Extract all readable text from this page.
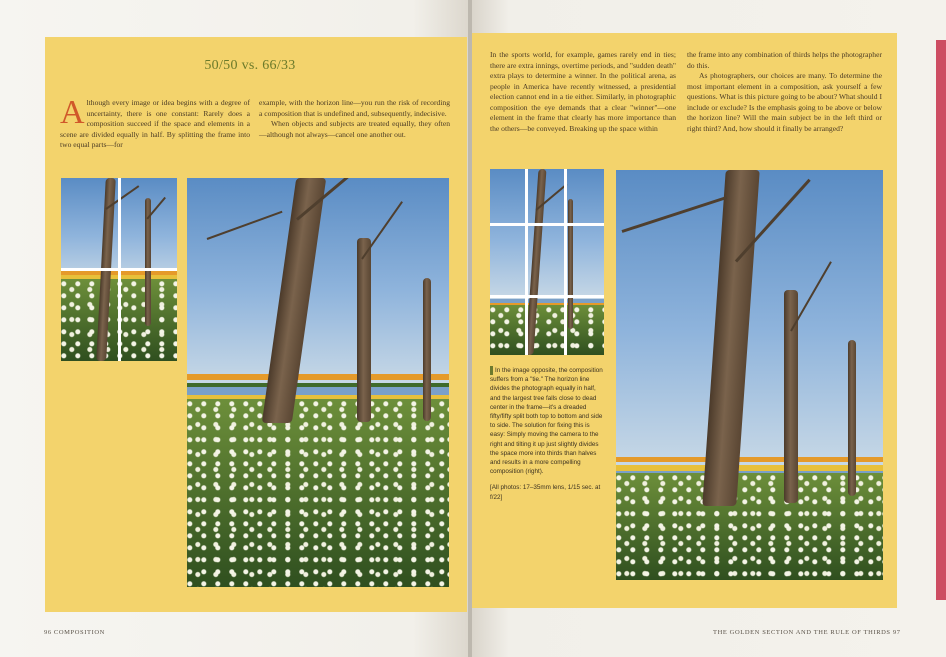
50/50 vs. 66/33

Although every image or idea begins with a degree of uncertainty, there is one constant: Rarely does a composition succeed if the space and elements in a scene are divided equally in half. By splitting the frame into two equal parts—for

example, with the horizon line—you run the risk of recording a composition that is undefined and, subsequently, indecisive.

When objects and subjects are treated equally, they often—although not always—cancel one another out.

In the sports world, for example, games rarely end in ties; there are extra innings, overtime periods, and "sudden death" extra plays to determine a winner. In the political arena, as people in America have recently witnessed, a presidential election cannot end in a tie either. Similarly, in photographic composition the eye demands that a clear "winner"—one element in the frame that clearly has more importance than the others—be conveyed. Breaking up the space within

the frame into any combination of thirds helps the photographer do this.

As photographers, our choices are many. To determine the most important element in a composition, ask yourself a few questions. What is this picture going to be about? What should I include or exclude? Is the emphasis going to be above or below the horizon line? Will the main subject be in the left third or right third? And, how should it finally be arranged?

In the image opposite, the composition suffers from a "tie." The horizon line divides the photograph equally in half, and the largest tree falls close to dead center in the frame—it's a dreaded fifty/fifty split both top to bottom and side to side. The solution for fixing this is easy: Simply moving the camera to the right and tilting it up just slightly divides the space more into thirds than halves and results in a more compelling composition (right).

[All photos: 17–35mm lens, 1/15 sec. at f/22]

96 COMPOSITION	THE GOLDEN SECTION AND THE RULE OF THIRDS 97
